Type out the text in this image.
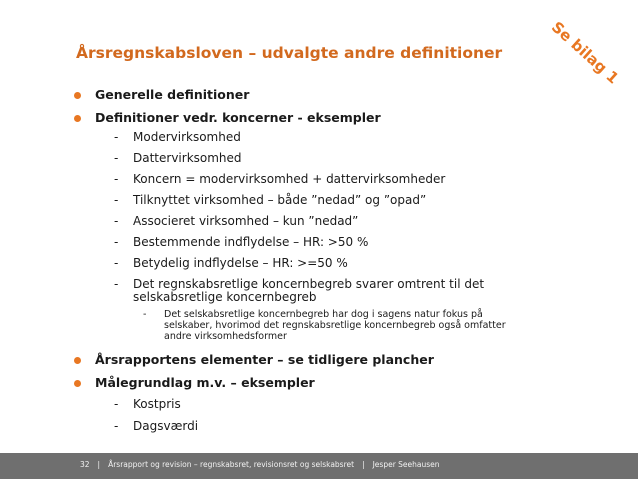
Se bilag 1
Årsregnskabsloven – udvalgte andre definitioner
Generelle definitioner
Definitioner vedr. koncerner - eksempler
- Modervirksomhed
- Dattervirksomhed
- Koncern = modervirksomhed + dattervirksomheder
- Tilknyttet virksomhed – både ”nedad” og ”opad”
- Associeret virksomhed – kun ”nedad”
- Bestemmende indflydelse – HR: >50 %
- Betydelig indflydelse – HR: >=50 %
- Det regnskabsretlige koncernbegreb svarer omtrent til det
selskabsretlige koncernbegreb
- Det selskabsretlige koncernbegreb har dog i sagens natur fokus på
selskaber, hvorimod det regnskabsretlige koncernbegreb også omfatter
andre virksomhedsformer
Årsrapportens elementer – se tidligere plancher
Målegrundlag m.v. – eksempler
- Kostpris
- Dagsværdi
32 | Årsrapport og revision – regnskabsret, revisionsret og selskabsret | Jesper Seehausen
